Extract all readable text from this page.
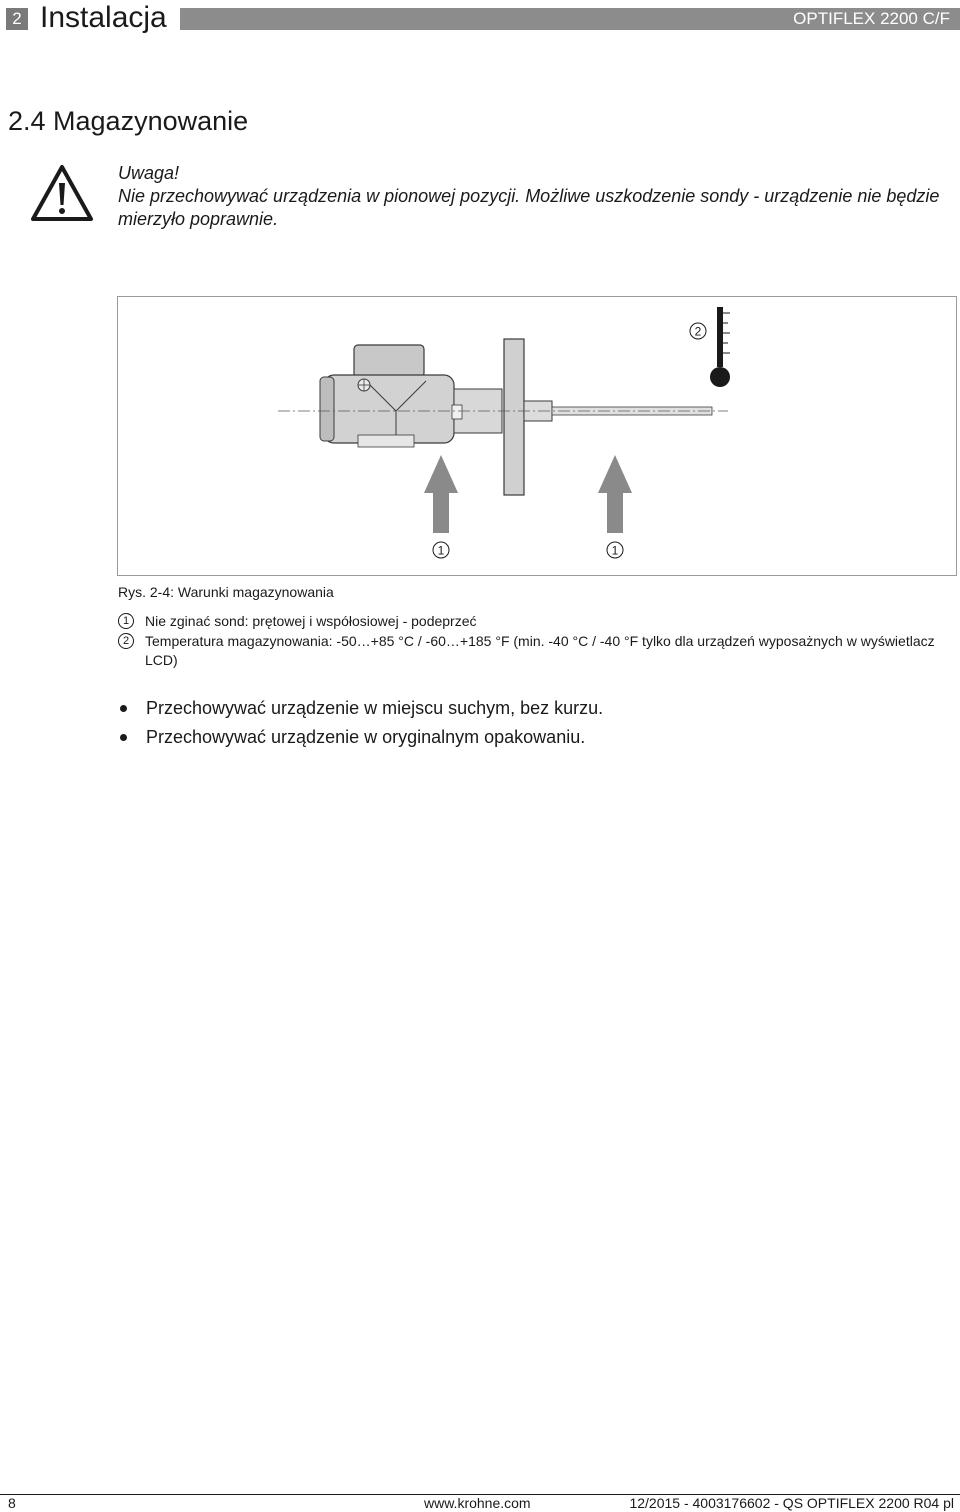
2 Instalacja	OPTIFLEX 2200 C/F
2.4 Magazynowanie
Uwaga!
Nie przechowywać urządzenia w pionowej pozycji. Możliwe uszkodzenie sondy - urządzenie nie będzie mierzyło poprawnie.
1	1
2
Rys. 2-4: Warunki magazynowania
1	Nie zginać sond: prętowej i współosiowej - podeprzeć
2	Temperatura magazynowania: -50…+85 °C / -60…+185 °F (min. -40 °C / -40 °F tylko dla urządzeń wyposażnych w wyświetlacz LCD)
Przechowywać urządzenie w miejscu suchym, bez kurzu.
Przechowywać urządzenie w oryginalnym opakowaniu.
8	www.krohne.com	12/2015 - 4003176602 - QS OPTIFLEX 2200 R04 pl
